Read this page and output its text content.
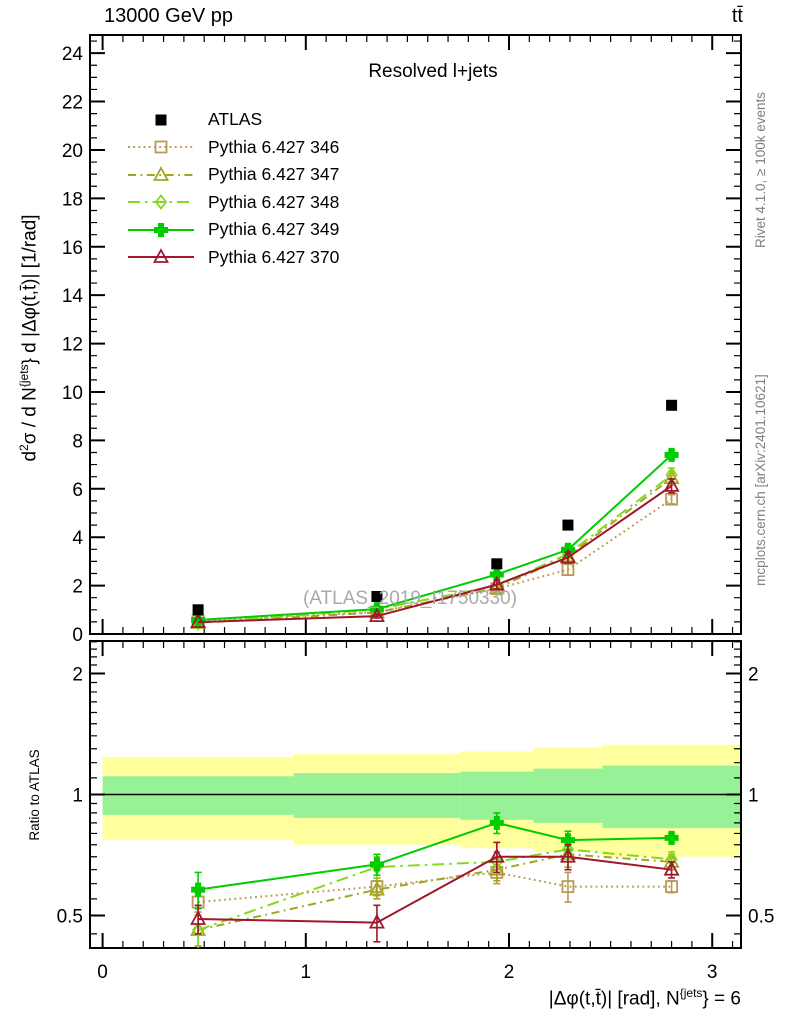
0
2
4
6
8
10
12
14
16
18
20
22
24
0	1	2	3
0.5	0.5
1	1
2	2
13000 GeV pp	tt̄
Resolved l+jets
(ATLAS_2019_I1750330)
ATLAS
Pythia 6.427 346
Pythia 6.427 347
Pythia 6.427 348
Pythia 6.427 349
Pythia 6.427 370
$d^2\sigma$ / d $N^{\{jets}$} d |Δφ(t,t̄)| [1/rad]
|Δφ(t,t̄)| [rad], $N^{\{jets}\} = 6$
Ratio to ATLAS
Rivet 4.1.0, ≥ 100k events
mcplots.cern.ch [arXiv:2401.10621]
